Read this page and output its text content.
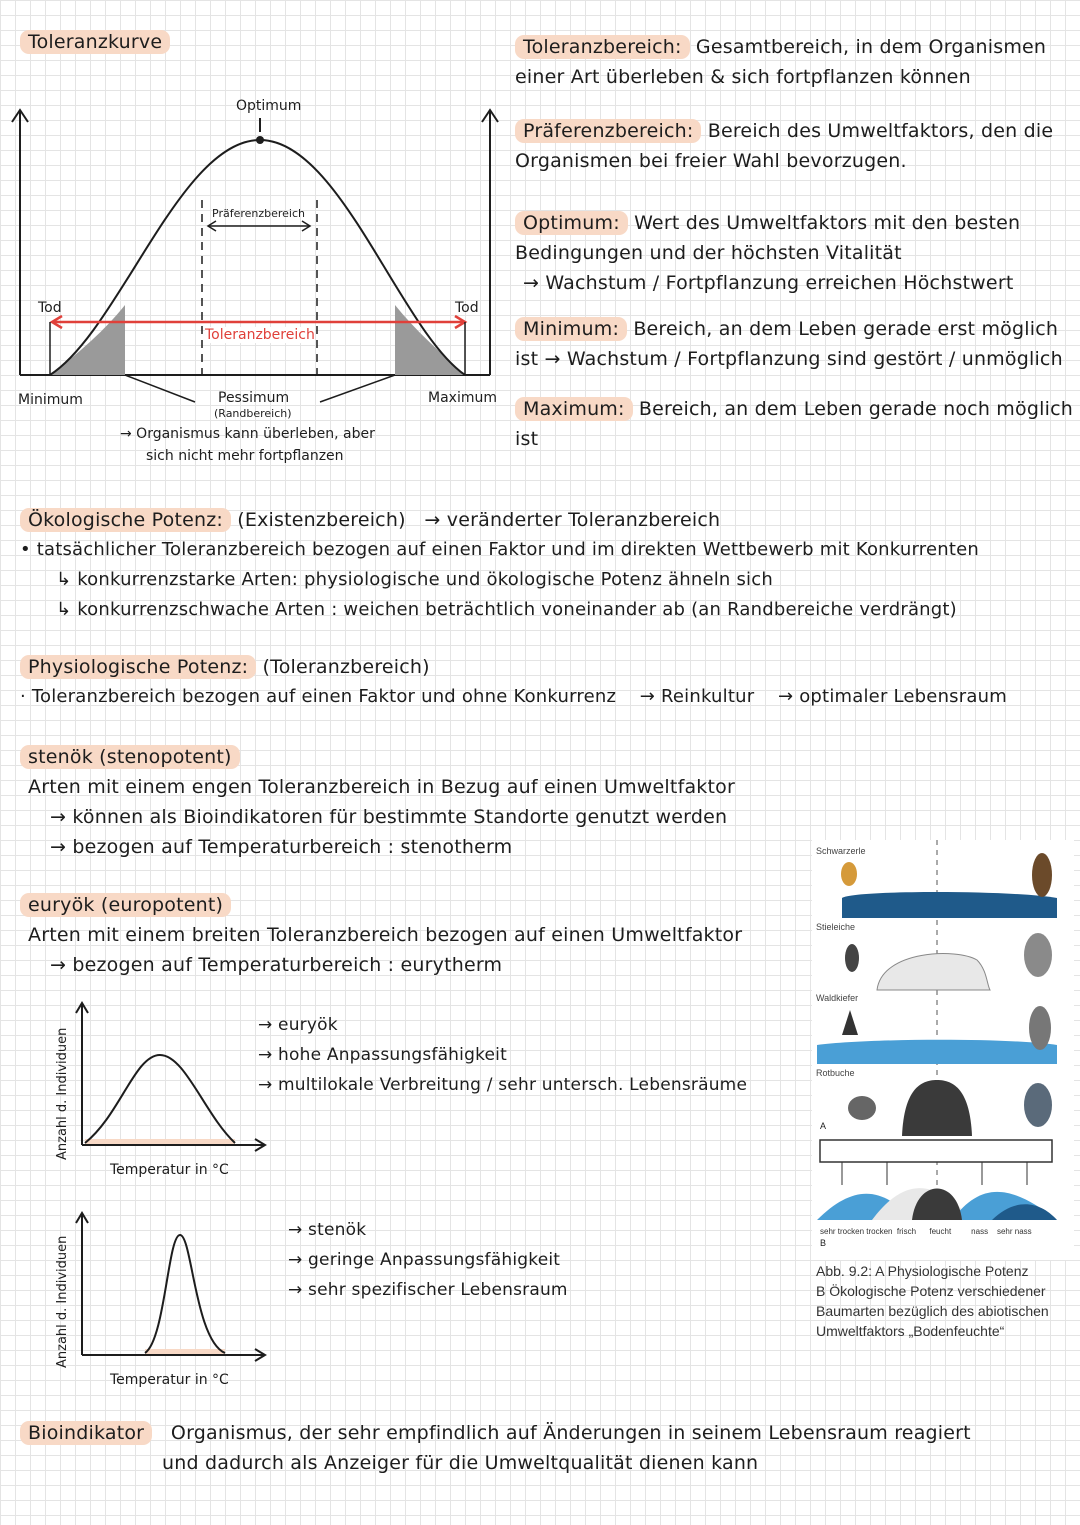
Toleranzkurve
Optimum
Präferenzbereich
Toleranzbereich
Tod	Tod
Minimum	Maximum
Pessimum
(Randbereich)
→ Organismus kann überleben, aber
sich nicht mehr fortpflanzen
Toleranzbereich: Gesamtbereich, in dem Organismen
einer Art überleben & sich fortpflanzen können
Präferenzbereich: Bereich des Umweltfaktors, den die
Organismen bei freier Wahl bevorzugen.
Optimum: Wert des Umweltfaktors mit den besten
Bedingungen und der höchsten Vitalität
→ Wachstum / Fortpflanzung erreichen Höchstwert
Minimum: Bereich, an dem Leben gerade erst möglich
ist → Wachstum / Fortpflanzung sind gestört / unmöglich
Maximum: Bereich, an dem Leben gerade noch möglich
ist
Ökologische Potenz: (Existenzbereich) → veränderter Toleranzbereich
• tatsächlicher Toleranzbereich bezogen auf einen Faktor und im direkten Wettbewerb mit Konkurrenten
↳ konkurrenzstarke Arten: physiologische und ökologische Potenz ähneln sich
↳ konkurrenzschwache Arten : weichen beträchtlich voneinander ab (an Randbereiche verdrängt)
Physiologische Potenz: (Toleranzbereich)
· Toleranzbereich bezogen auf einen Faktor und ohne Konkurrenz → Reinkultur → optimaler Lebensraum
stenök (stenopotent)
Arten mit einem engen Toleranzbereich in Bezug auf einen Umweltfaktor
→ können als Bioindikatoren für bestimmte Standorte genutzt werden
→ bezogen auf Temperaturbereich : stenotherm
euryök (europotent)
Arten mit einem breiten Toleranzbereich bezogen auf einen Umweltfaktor
→ bezogen auf Temperaturbereich : eurytherm
Anzahl d. Individuen
Temperatur in °C
→ euryök
→ hohe Anpassungsfähigkeit
→ multilokale Verbreitung / sehr untersch. Lebensräume
Anzahl d. Individuen
Temperatur in °C
→ stenök
→ geringe Anpassungsfähigkeit
→ sehr spezifischer Lebensraum
Schwarzerle
Stieleiche
Waldkiefer
Rotbuche
A
sehr trocken trocken  frisch      feucht         nass    sehr nass
B
Abb. 9.2: A Physiologische Potenz
B Ökologische Potenz verschiedener
Baumarten bezüglich des abiotischen
Umweltfaktors „Bodenfeuchte“
Bioindikator Organismus, der sehr empfindlich auf Änderungen in seinem Lebensraum reagiert
und dadurch als Anzeiger für die Umweltqualität dienen kann
